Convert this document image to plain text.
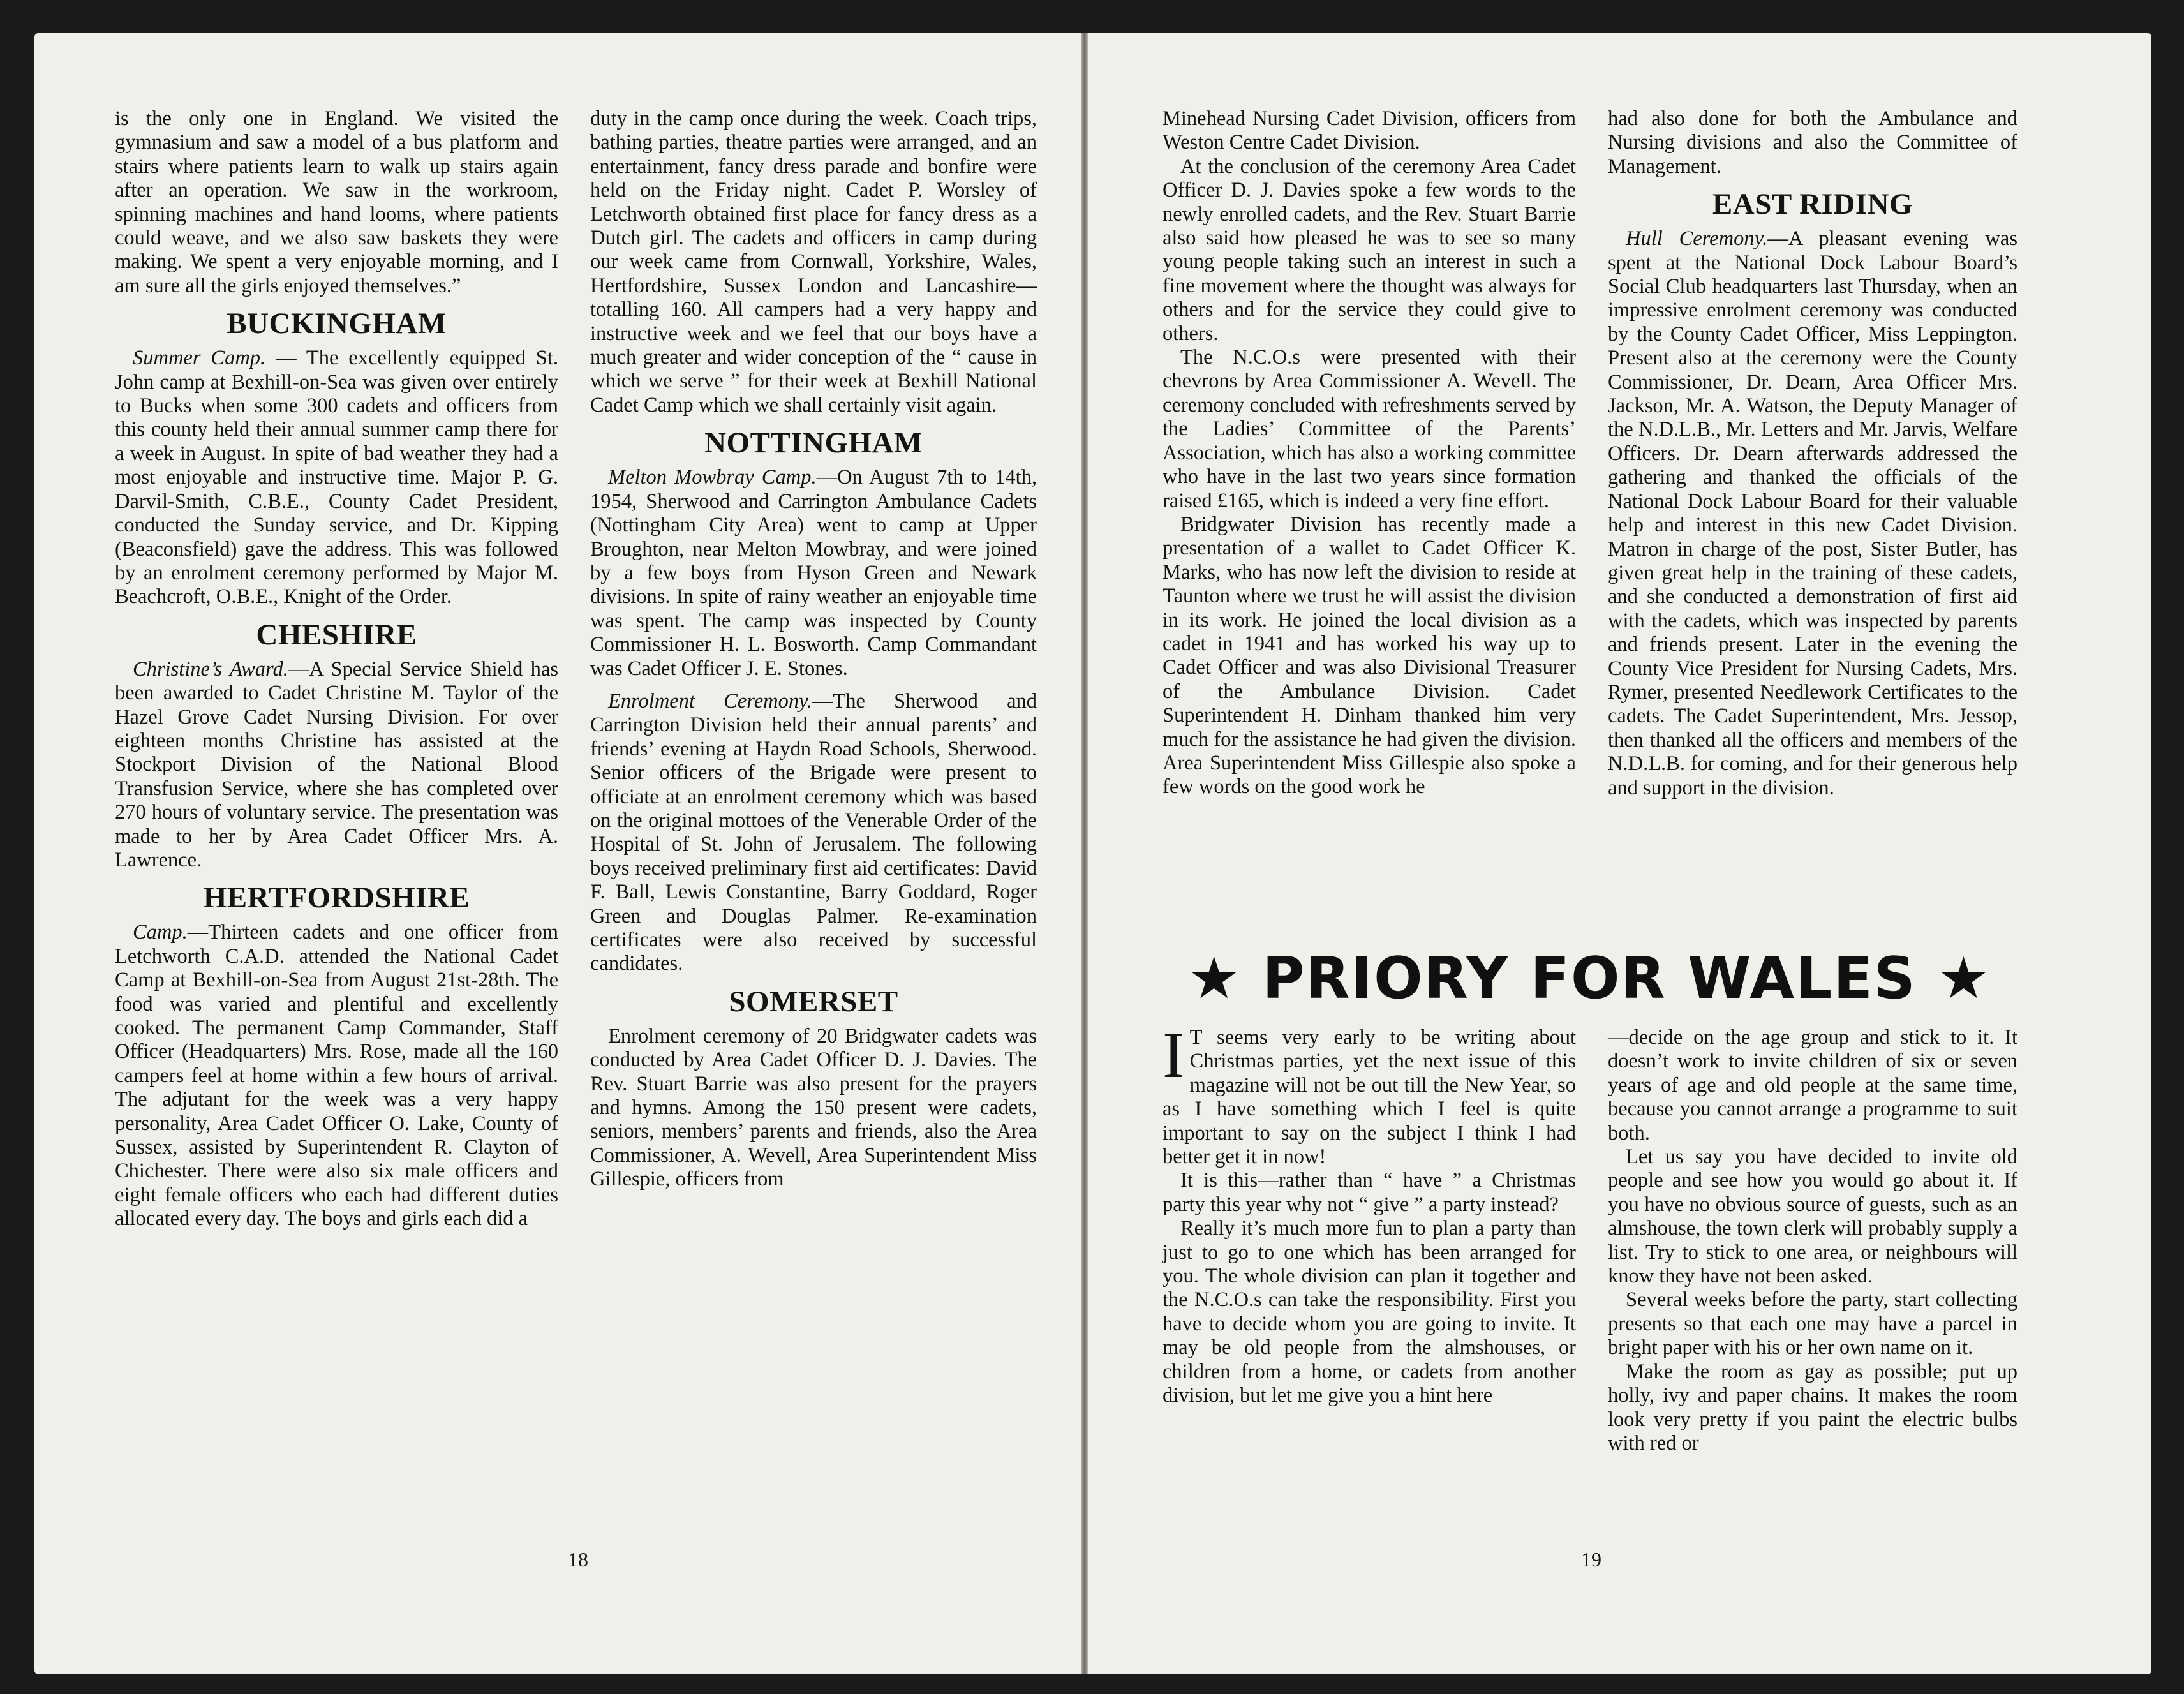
is the only one in England. We visited the gymnasium and saw a model of a bus platform and stairs where patients learn to walk up stairs again after an operation. We saw in the workroom, spinning machines and hand looms, where patients could weave, and we also saw baskets they were making. We spent a very enjoyable morning, and I am sure all the girls enjoyed themselves.”

BUCKINGHAM

Summer Camp. — The excellently equipped St. John camp at Bexhill-on-Sea was given over entirely to Bucks when some 300 cadets and officers from this county held their annual summer camp there for a week in August. In spite of bad weather they had a most enjoyable and instructive time. Major P. G. Darvil-Smith, C.B.E., County Cadet President, conducted the Sunday service, and Dr. Kipping (Beaconsfield) gave the address. This was followed by an enrolment ceremony performed by Major M. Beachcroft, O.B.E., Knight of the Order.

CHESHIRE

Christine’s Award.—A Special Service Shield has been awarded to Cadet Christine M. Taylor of the Hazel Grove Cadet Nursing Division. For over eighteen months Christine has assisted at the Stockport Division of the National Blood Transfusion Service, where she has completed over 270 hours of voluntary service. The presentation was made to her by Area Cadet Officer Mrs. A. Lawrence.

HERTFORDSHIRE

Camp.—Thirteen cadets and one officer from Letchworth C.A.D. attended the National Cadet Camp at Bexhill-on-Sea from August 21st-28th. The food was varied and plentiful and excellently cooked. The permanent Camp Commander, Staff Officer (Headquarters) Mrs. Rose, made all the 160 campers feel at home within a few hours of arrival. The adjutant for the week was a very happy personality, Area Cadet Officer O. Lake, County of Sussex, assisted by Superintendent R. Clayton of Chichester. There were also six male officers and eight female officers who each had different duties allocated every day. The boys and girls each did a

duty in the camp once during the week. Coach trips, bathing parties, theatre parties were arranged, and an entertainment, fancy dress parade and bonfire were held on the Friday night. Cadet P. Worsley of Letchworth obtained first place for fancy dress as a Dutch girl. The cadets and officers in camp during our week came from Cornwall, Yorkshire, Wales, Hertfordshire, Sussex London and Lancashire—totalling 160. All campers had a very happy and instructive week and we feel that our boys have a much greater and wider conception of the “ cause in which we serve ” for their week at Bexhill National Cadet Camp which we shall certainly visit again.

NOTTINGHAM

Melton Mowbray Camp.—On August 7th to 14th, 1954, Sherwood and Carrington Ambulance Cadets (Nottingham City Area) went to camp at Upper Broughton, near Melton Mowbray, and were joined by a few boys from Hyson Green and Newark divisions. In spite of rainy weather an enjoyable time was spent. The camp was inspected by County Commissioner H. L. Bosworth. Camp Commandant was Cadet Officer J. E. Stones.

Enrolment Ceremony.—The Sherwood and Carrington Division held their annual parents’ and friends’ evening at Haydn Road Schools, Sherwood. Senior officers of the Brigade were present to officiate at an enrolment ceremony which was based on the original mottoes of the Venerable Order of the Hospital of St. John of Jerusalem. The following boys received preliminary first aid certificates: David F. Ball, Lewis Constantine, Barry Goddard, Roger Green and Douglas Palmer. Re-examination certificates were also received by successful candidates.

SOMERSET

Enrolment ceremony of 20 Bridgwater cadets was conducted by Area Cadet Officer D. J. Davies. The Rev. Stuart Barrie was also present for the prayers and hymns. Among the 150 present were cadets, seniors, members’ parents and friends, also the Area Commissioner, A. Wevell, Area Superintendent Miss Gillespie, officers from

Minehead Nursing Cadet Division, officers from Weston Centre Cadet Division.

At the conclusion of the ceremony Area Cadet Officer D. J. Davies spoke a few words to the newly enrolled cadets, and the Rev. Stuart Barrie also said how pleased he was to see so many young people taking such an interest in such a fine movement where the thought was always for others and for the service they could give to others.

The N.C.O.s were presented with their chevrons by Area Commissioner A. Wevell. The ceremony concluded with refreshments served by the Ladies’ Committee of the Parents’ Association, which has also a working committee who have in the last two years since formation raised £165, which is indeed a very fine effort.

Bridgwater Division has recently made a presentation of a wallet to Cadet Officer K. Marks, who has now left the division to reside at Taunton where we trust he will assist the division in its work. He joined the local division as a cadet in 1941 and has worked his way up to Cadet Officer and was also Divisional Treasurer of the Ambulance Division. Cadet Superintendent H. Dinham thanked him very much for the assistance he had given the division. Area Superintendent Miss Gillespie also spoke a few words on the good work he

had also done for both the Ambulance and Nursing divisions and also the Committee of Management.

EAST RIDING

Hull Ceremony.—A pleasant evening was spent at the National Dock Labour Board’s Social Club headquarters last Thursday, when an impressive enrolment ceremony was conducted by the County Cadet Officer, Miss Leppington. Present also at the ceremony were the County Commissioner, Dr. Dearn, Area Officer Mrs. Jackson, Mr. A. Watson, the Deputy Manager of the N.D.L.B., Mr. Letters and Mr. Jarvis, Welfare Officers. Dr. Dearn afterwards addressed the gathering and thanked the officials of the National Dock Labour Board for their valuable help and interest in this new Cadet Division. Matron in charge of the post, Sister Butler, has given great help in the training of these cadets, and she conducted a demonstration of first aid with the cadets, which was inspected by parents and friends present. Later in the evening the County Vice President for Nursing Cadets, Mrs. Rymer, presented Needlework Certificates to the cadets. The Cadet Superintendent, Mrs. Jessop, then thanked all the officers and members of the N.D.L.B. for coming, and for their generous help and support in the division.

★ PRIORY FOR WALES ★

I T seems very early to be writing about Christmas parties, yet the next issue of this magazine will not be out till the New Year, so as I have something which I feel is quite important to say on the subject I think I had better get it in now!

It is this—rather than “ have ” a Christmas party this year why not “ give ” a party instead?

Really it’s much more fun to plan a party than just to go to one which has been arranged for you. The whole division can plan it together and the N.C.O.s can take the responsibility. First you have to decide whom you are going to invite. It may be old people from the almshouses, or children from a home, or cadets from another division, but let me give you a hint here

—decide on the age group and stick to it. It doesn’t work to invite children of six or seven years of age and old people at the same time, because you cannot arrange a programme to suit both.

Let us say you have decided to invite old people and see how you would go about it. If you have no obvious source of guests, such as an almshouse, the town clerk will probably supply a list. Try to stick to one area, or neighbours will know they have not been asked.

Several weeks before the party, start collecting presents so that each one may have a parcel in bright paper with his or her own name on it.

Make the room as gay as possible; put up holly, ivy and paper chains. It makes the room look very pretty if you paint the electric bulbs with red or

18	19
